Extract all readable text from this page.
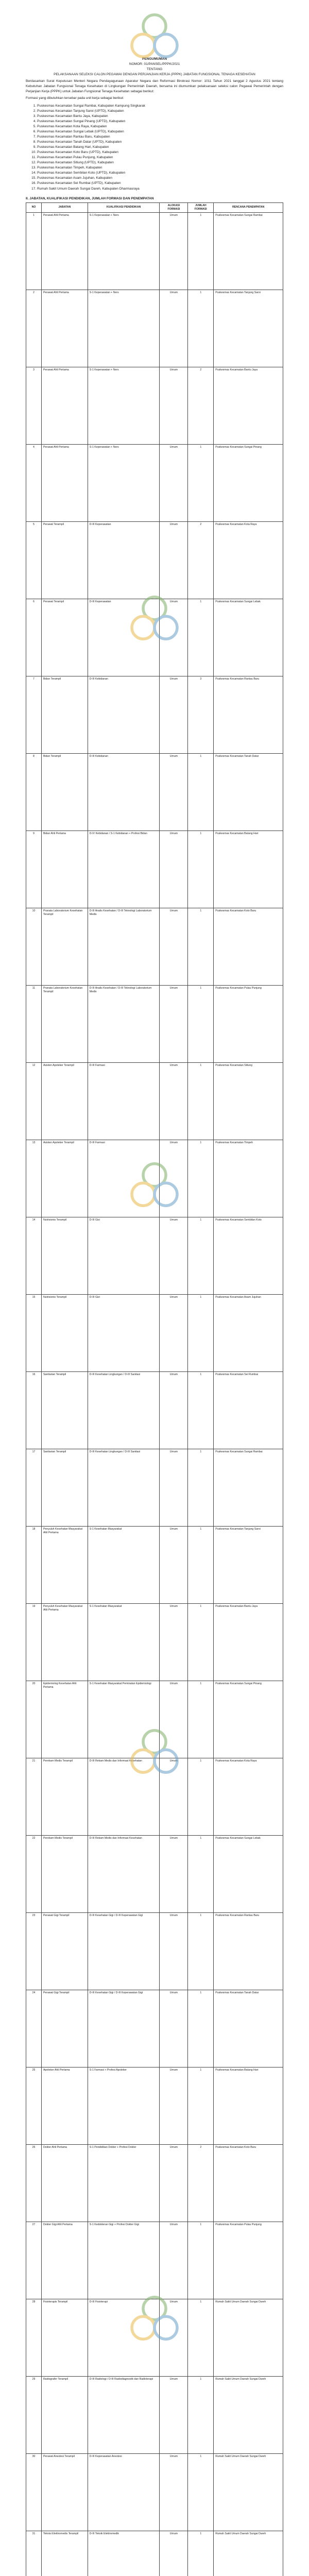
PENGUMUMAN
NOMOR: 01/PANSEL/PPPK/2021
TENTANG
PELAKSANAAN SELEKSI CALON PEGAWAI DENGAN PERJANJIAN KERJA (PPPK) JABATAN FUNGSIONAL TENAGA KESEHATAN

Berdasarkan Surat Keputusan Menteri Negara Pendayagunaan Aparatur Negara dan Reformasi Birokrasi Nomor: 1011 Tahun 2021 tanggal 2 Agustus 2021 tentang Kebutuhan Jabatan Fungsional Tenaga Kesehatan di Lingkungan Pemerintah Daerah, bersama ini diumumkan pelaksanaan seleksi calon Pegawai Pemerintah dengan Perjanjian Kerja (PPPK) untuk Jabatan Fungsional Tenaga Kesehatan sebagai berikut:

Formasi yang dibutuhkan tersebar pada unit kerja sebagai berikut:

1. Puskesmas Kecamatan Sungai Rambai, Kabupaten Kampung Singkarak
2. Puskesmas Kecamatan Tanjung Saroi (UPTD), Kabupaten
3. Puskesmas Kecamatan Bantu Jaya, Kabupaten
4. Puskesmas Kecamatan Sungai Pinang (UPTD), Kabupaten
5. Puskesmas Kecamatan Kota Raya, Kabupaten
6. Puskesmas Kecamatan Sungai Lebak (UPTD), Kabupaten
7. Puskesmas Kecamatan Rantau Baru, Kabupaten
8. Puskesmas Kecamatan Tanah Datar (UPTD), Kabupaten
9. Puskesmas Kecamatan Batang Hari, Kabupaten
10. Puskesmas Kecamatan Koto Baru (UPTD), Kabupaten
11. Puskesmas Kecamatan Pulau Punjung, Kabupaten
12. Puskesmas Kecamatan Sitiung (UPTD), Kabupaten
13. Puskesmas Kecamatan Timpeh, Kabupaten
14. Puskesmas Kecamatan Sembilan Koto (UPTD), Kabupaten
15. Puskesmas Kecamatan Asam Jujuhan, Kabupaten
16. Puskesmas Kecamatan Sei Rumbai (UPTD), Kabupaten
17. Rumah Sakit Umum Daerah Sungai Dareh, Kabupaten Dharmasraya
II. JABATAN, KUALIFIKASI PENDIDIKAN, JUMLAH FORMASI DAN PENEMPATAN
NO	JABATAN	KUALIFIKASI PENDIDIKAN	ALOKASI FORMASI	JUMLAH FORMASI	RENCANA PENEMPATAN
1	Perawat Ahli Pertama	S-1 Keperawatan + Ners	Umum	1	Puskesmas Kecamatan Sungai Rambai
2	Perawat Ahli Pertama	S-1 Keperawatan + Ners	Umum	1	Puskesmas Kecamatan Tanjung Saroi
3	Perawat Ahli Pertama	S-1 Keperawatan + Ners	Umum	2	Puskesmas Kecamatan Bantu Jaya
4	Perawat Ahli Pertama	S-1 Keperawatan + Ners	Umum	1	Puskesmas Kecamatan Sungai Pinang
5	Perawat Terampil	D-III Keperawatan	Umum	2	Puskesmas Kecamatan Kota Raya
6	Perawat Terampil	D-III Keperawatan	Umum	1	Puskesmas Kecamatan Sungai Lebak
7	Bidan Terampil	D-III Kebidanan	Umum	3	Puskesmas Kecamatan Rantau Baru
8	Bidan Terampil	D-III Kebidanan	Umum	1	Puskesmas Kecamatan Tanah Datar
9	Bidan Ahli Pertama	D-IV Kebidanan / S-1 Kebidanan + Profesi Bidan	Umum	1	Puskesmas Kecamatan Batang Hari
10	Pranata Laboratorium Kesehatan Terampil	D-III Analis Kesehatan / D-III Teknologi Laboratorium Medis	Umum	1	Puskesmas Kecamatan Koto Baru
11	Pranata Laboratorium Kesehatan Terampil	D-III Analis Kesehatan / D-III Teknologi Laboratorium Medis	Umum	1	Puskesmas Kecamatan Pulau Punjung
12	Asisten Apoteker Terampil	D-III Farmasi	Umum	1	Puskesmas Kecamatan Sitiung
13	Asisten Apoteker Terampil	D-III Farmasi	Umum	1	Puskesmas Kecamatan Timpeh
14	Nutrisionis Terampil	D-III Gizi	Umum	1	Puskesmas Kecamatan Sembilan Koto
15	Nutrisionis Terampil	D-III Gizi	Umum	1	Puskesmas Kecamatan Asam Jujuhan
16	Sanitarian Terampil	D-III Kesehatan Lingkungan / D-III Sanitasi	Umum	1	Puskesmas Kecamatan Sei Rumbai
17	Sanitarian Terampil	D-III Kesehatan Lingkungan / D-III Sanitasi	Umum	1	Puskesmas Kecamatan Sungai Rambai
18	Penyuluh Kesehatan Masyarakat Ahli Pertama	S-1 Kesehatan Masyarakat	Umum	1	Puskesmas Kecamatan Tanjung Saroi
19	Penyuluh Kesehatan Masyarakat Ahli Pertama	S-1 Kesehatan Masyarakat	Umum	1	Puskesmas Kecamatan Bantu Jaya
20	Epidemiolog Kesehatan Ahli Pertama	S-1 Kesehatan Masyarakat Peminatan Epidemiologi	Umum	1	Puskesmas Kecamatan Sungai Pinang
21	Perekam Medis Terampil	D-III Rekam Medis dan Informasi Kesehatan	Umum	1	Puskesmas Kecamatan Kota Raya
22	Perekam Medis Terampil	D-III Rekam Medis dan Informasi Kesehatan	Umum	1	Puskesmas Kecamatan Sungai Lebak
23	Perawat Gigi Terampil	D-III Kesehatan Gigi / D-III Keperawatan Gigi	Umum	1	Puskesmas Kecamatan Rantau Baru
24	Perawat Gigi Terampil	D-III Kesehatan Gigi / D-III Keperawatan Gigi	Umum	1	Puskesmas Kecamatan Tanah Datar
25	Apoteker Ahli Pertama	S-1 Farmasi + Profesi Apoteker	Umum	1	Puskesmas Kecamatan Batang Hari
26	Dokter Ahli Pertama	S-1 Pendidikan Dokter + Profesi Dokter	Umum	2	Puskesmas Kecamatan Koto Baru
27	Dokter Gigi Ahli Pertama	S-1 Kedokteran Gigi + Profesi Dokter Gigi	Umum	1	Puskesmas Kecamatan Pulau Punjung
28	Fisioterapis Terampil	D-III Fisioterapi	Umum	1	Rumah Sakit Umum Daerah Sungai Dareh
29	Radiografer Terampil	D-III Radiologi / D-III Radiodiagnostik dan Radioterapi	Umum	1	Rumah Sakit Umum Daerah Sungai Dareh
30	Perawat Anestesi Terampil	D-III Keperawatan Anestesi	Umum	1	Rumah Sakit Umum Daerah Sungai Dareh
31	Teknisi Elektromedis Terampil	D-III Teknik Elektromedik	Umum	1	Rumah Sakit Umum Daerah Sungai Dareh
